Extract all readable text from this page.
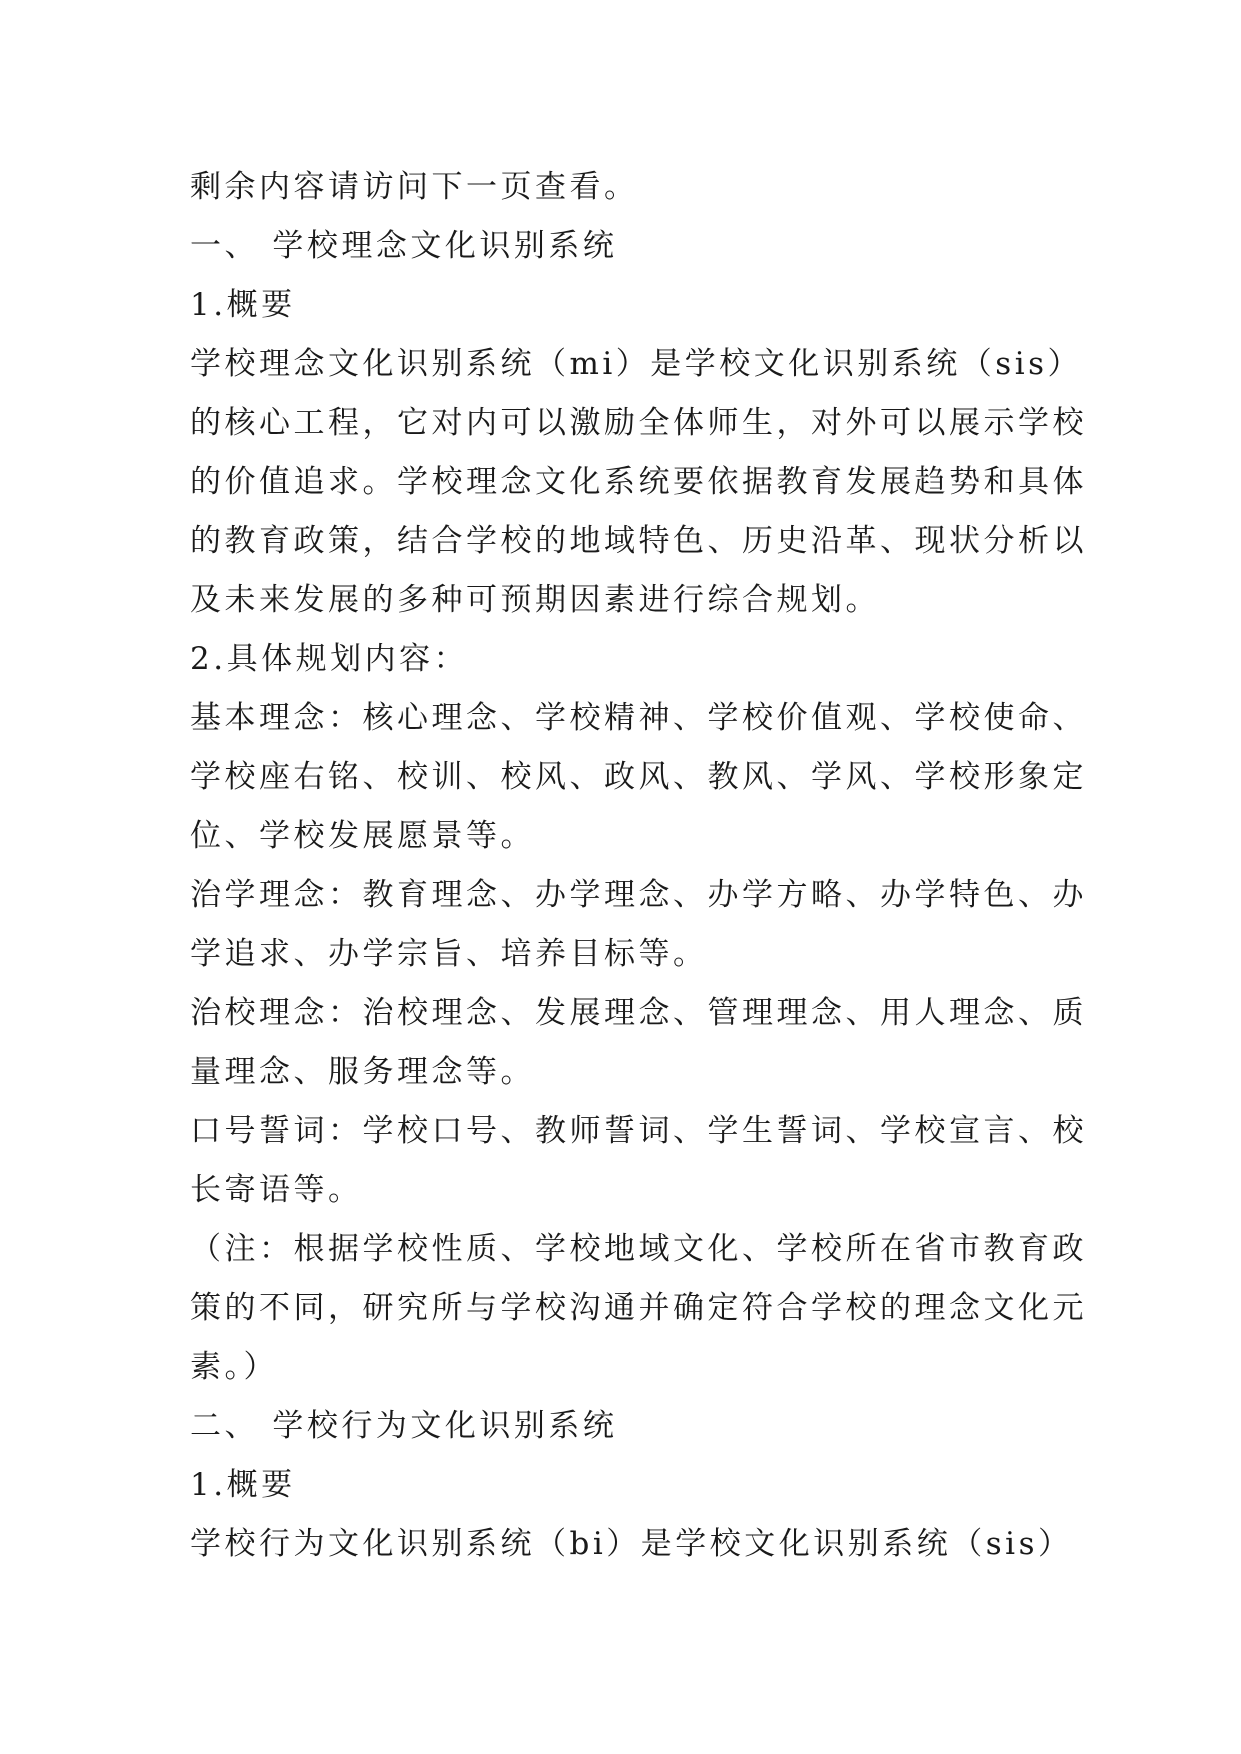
剩余内容请访问下一页查看。
一、 学校理念文化识别系统
1.概要
学校理念文化识别系统（mi）是学校文化识别系统（sis）
的核心工程，它对内可以激励全体师生，对外可以展示学校
的价值追求。学校理念文化系统要依据教育发展趋势和具体
的教育政策，结合学校的地域特色、历史沿革、现状分析以
及未来发展的多种可预期因素进行综合规划。
2.具体规划内容：
基本理念：核心理念、学校精神、学校价值观、学校使命、
学校座右铭、校训、校风、政风、教风、学风、学校形象定
位、学校发展愿景等。
治学理念：教育理念、办学理念、办学方略、办学特色、办
学追求、办学宗旨、培养目标等。
治校理念：治校理念、发展理念、管理理念、用人理念、质
量理念、服务理念等。
口号誓词：学校口号、教师誓词、学生誓词、学校宣言、校
长寄语等。
（注：根据学校性质、学校地域文化、学校所在省市教育政
策的不同，研究所与学校沟通并确定符合学校的理念文化元
素。）
二、 学校行为文化识别系统
1.概要
学校行为文化识别系统（bi）是学校文化识别系统（sis）
